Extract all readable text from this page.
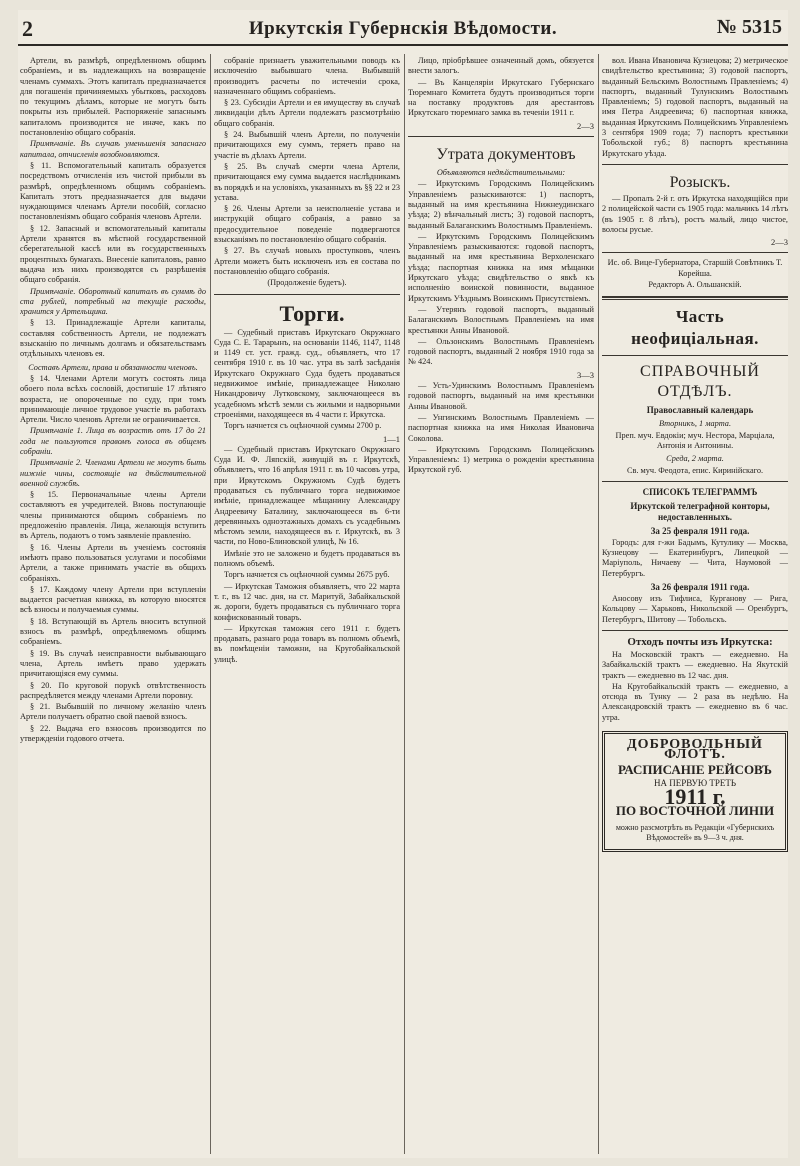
2	Иркутскія Губернскія Вѣдомости.	№ 5315

Артели, въ размѣрѣ, опредѣленномъ общимъ собраніемъ, и въ надлежащихъ на возвращеніе членамъ суммахъ. Этотъ капиталъ предназначается для погашенія причиняемыхъ убытковъ, расходовъ по текущимъ дѣламъ, которые не могутъ быть покрыты изъ прибылей. Распоряженіе запаснымъ капиталомъ производится не иначе, какъ по постановленію общаго собранія.

Примѣчаніе. Въ случаѣ уменьшенія запаснаго капитала, отчисленія возобновляются.

§ 11. Вспомогательный капиталъ образуется посредствомъ отчисленія изъ чистой прибыли въ размѣрѣ, опредѣленномъ общимъ собраніемъ. Капиталъ этотъ предназначается для выдачи нуждающимся членамъ Артели пособій, согласно постановленіямъ общаго собранія членовъ Артели.

§ 12. Запасный и вспомогательный капиталы Артели хранятся въ мѣстной государственной сберегательной кассѣ или въ государственныхъ процентныхъ бумагахъ. Внесеніе капиталовъ, равно выдача изъ нихъ производятся съ разрѣшенія общаго собранія.

Примѣчаніе. Оборотный капиталъ въ суммѣ до ста рублей, потребный на текущіе расходы, хранится у Артельщика.

§ 13. Принадлежащіе Артели капиталы, составляя собственность Артели, не подлежатъ взысканію по личнымъ долгамъ и обязательствамъ отдѣльныхъ членовъ ея.

Составъ Артели, права и обязанности членовъ.

§ 14. Членами Артели могутъ состоять лица обоего пола всѣхъ сословій, достигшіе 17 лѣтняго возраста, не опороченные по суду, при томъ принимающіе личное трудовое участіе въ работахъ Артели. Число членовъ Артели не ограничивается.

Примѣчаніе 1. Лица въ возрастѣ отъ 17 до 21 года не пользуются правомъ голоса въ общемъ собраніи.

Примѣчаніе 2. Членами Артели не могутъ быть нижніе чины, состоящіе на дѣйствительной военной службѣ.

§ 15. Первоначальные члены Артели составляютъ ея учредителей. Вновь поступающіе члены принимаются общимъ собраніемъ по предложенію правленія. Лица, желающія вступить въ Артель, подаютъ о томъ заявленіе правленію.

§ 16. Члены Артели въ ученіемъ состоянія имѣютъ право пользоваться услугами и пособіями Артели, а также принимать участіе въ общихъ собраніяхъ.

§ 17. Каждому члену Артели при вступленіи выдается расчетная книжка, въ которую вносятся всѣ взносы и получаемыя суммы.

§ 18. Вступающій въ Артель вноситъ вступной взносъ въ размѣрѣ, опредѣляемомъ общимъ собраніемъ.

§ 19. Въ случаѣ неисправности выбывающаго члена, Артель имѣетъ право удержать причитающіяся ему суммы.

§ 20. По круговой порукѣ отвѣтственность распредѣляется между членами Артели поровну.

§ 21. Выбывшій по личному желанію членъ Артели получаетъ обратно свой паевой взносъ.

§ 22. Выдача его взносовъ производится по утвержденіи годового отчета.

собраніе признаетъ уважительными поводъ къ исключенію выбывшаго члена. Выбывшій производитъ расчеты по истеченіи срока, назначеннаго общимъ собраніемъ.

§ 23. Субсидіи Артели и ея имуществу въ случаѣ ликвидаціи дѣлъ Артели подлежатъ разсмотрѣнію общаго собранія.

§ 24. Выбывшій членъ Артели, по полученіи причитающихся ему суммъ, теряетъ право на участіе въ дѣлахъ Артели.

§ 25. Въ случаѣ смерти члена Артели, причитающаяся ему сумма выдается наслѣдникамъ въ порядкѣ и на условіяхъ, указанныхъ въ §§ 22 и 23 устава.

§ 26. Члены Артели за неисполненіе устава и инструкцій общаго собранія, а равно за предосудительное поведеніе подвергаются взысканіямъ по постановленію общаго собранія.

§ 27. Въ случаѣ новыхъ проступковъ, членъ Артели можетъ быть исключенъ изъ ея состава по постановленію общаго собранія.

(Продолженіе будетъ).

Торги.

— Судебный приставъ Иркутскаго Окружнаго Суда С. Е. Тарарынъ, на основаніи 1146, 1147, 1148 и 1149 ст. уст. гражд. суд., объявляетъ, что 17 сентября 1910 г. въ 10 час. утра въ залѣ засѣданія Иркутскаго Окружнаго Суда будетъ продаваться недвижимое имѣніе, принадлежащее Николаю Никандровичу Лутковскому, заключающееся въ усадебномъ мѣстѣ земли съ жилыми и надворными строеніями, находящееся въ 4 части г. Иркутска.

Торгъ начнется съ оцѣночной суммы 2700 р.

1—1

— Судебный приставъ Иркутскаго Окружнаго Суда И. Ф. Ляпскій, живущій въ г. Иркутскѣ, объявляетъ, что 16 апрѣля 1911 г. въ 10 часовъ утра, при Иркутскомъ Окружномъ Судѣ будетъ продаваться съ публичнаго торга недвижимое имѣніе, принадлежащее мѣщанину Александру Андреевичу Баталину, заключающееся въ 6-ти деревянныхъ одноэтажныхъ домахъ съ усадебнымъ мѣстомъ земли, находящееся въ г. Иркутскѣ, въ 3 части, по Ново-Блиновской улицѣ, № 16.

Имѣніе это не заложено и будетъ продаваться въ полномъ объемѣ.

Торгъ начнется съ оцѣночной суммы 2675 руб.

— Иркутская Таможня объявляетъ, что 22 марта т. г., въ 12 час. дня, на ст. Маритуй, Забайкальской ж. дороги, будетъ продаваться съ публичнаго торга конфискованный товаръ.

— Иркутская таможня сего 1911 г. будетъ продавать, разнаго рода товаръ въ полномъ объемѣ, въ помѣщеніи таможни, на Кругобайкальской улицѣ.

Лицо, пріобрѣвшее означенный домъ, обязуется внести залогъ.

— Въ Канцеляріи Иркутскаго Губернскаго Тюремнаго Комитета будутъ производиться торги на поставку продуктовъ для арестантовъ Иркутскаго тюремнаго замка въ теченіи 1911 г.

2—3

Утрата документовъ

Объявляются недѣйствительными:

— Иркутскимъ Городскимъ Полицейскимъ Управленіемъ разыскиваются: 1) паспортъ, выданный на имя крестьянина Нижнеудинскаго уѣзда; 2) вѣнчальный листъ; 3) годовой паспортъ, выданный Балаганскимъ Волостнымъ Правленіемъ.

— Иркутскимъ Городскимъ Полицейскимъ Управленіемъ разыскиваются: годовой паспортъ, выданный на имя крестьянина Верхоленскаго уѣзда; паспортная книжка на имя мѣщанки Иркутскаго уѣзда; свидѣтельство о явкѣ къ исполненію воинской повинности, выданное Иркутскимъ Уѣзднымъ Воинскимъ Присутствіемъ.

— Утерянъ годовой паспортъ, выданный Балаганскимъ Волостнымъ Правленіемъ на имя крестьянки Анны Ивановой.

— Ользонскимъ Волостнымъ Правленіемъ годовой паспортъ, выданный 2 ноября 1910 года за № 424.

3—3

— Усть-Удинскимъ Волостнымъ Правленіемъ годовой паспортъ, выданный на имя крестьянки Анны Ивановой.

— Унгинскимъ Волостнымъ Правленіемъ — паспортная книжка на имя Николая Ивановича Соколова.

— Иркутскимъ Городскимъ Полицейскимъ Управленіемъ: 1) метрика о рожденіи крестьянина Иркутской губ.

вол. Ивана Ивановича Кузнецова; 2) метрическое свидѣтельство крестьянина; 3) годовой паспортъ, выданный Бельскимъ Волостнымъ Правленіемъ; 4) паспортъ, выданный Тулунскимъ Волостнымъ Правленіемъ; 5) годовой паспортъ, выданный на имя Петра Андреевича; 6) паспортная книжка, выданная Иркутскимъ Полицейскимъ Управленіемъ 3 сентября 1909 года; 7) паспортъ крестьянки Тобольской губ.; 8) паспортъ крестьянина Иркутскаго уѣзда.

Розыскъ.

— Пропалъ 2-й г. отъ Иркутска находящійся при 2 полицейской части съ 1905 года: мальчикъ 14 лѣтъ (въ 1905 г. 8 лѣтъ), ростъ малый, лицо чистое, волосы русые.

2—3

Ис. об. Вице-Губернатора, Старшій Совѣтникъ Т. Корейша.

Редакторъ А. Ольшанскій.

Часть неофиціальная.

СПРАВОЧНЫЙ ОТДѢЛЪ.

Православный календарь

Вторникъ, 1 марта.

Преп. муч. Евдокіи; муч. Нестора, Марціала, Антонія и Антонины.

Среда, 2 марта.

Св. муч. Феодота, епис. Киринійскаго.

СПИСОКЪ ТЕЛЕГРАММЪ

Иркутской телеграфной конторы, недоставленныхъ.

За 25 февраля 1911 года.

Городъ: для г-жи Бадымъ, Кутулику — Москва, Кузнецову — Екатеринбургъ, Липецкой — Маріуполь, Ничаеву — Чита, Наумовой — Петербургъ.

За 26 февраля 1911 года.

Аносову изъ Тифлиса, Курганову — Рига, Кольцову — Харьковъ, Никольской — Оренбургъ, Петербургъ, Шитову — Тобольскъ.

Отходъ почты изъ Иркутска:

На Московскій трактъ — ежедневно. На Забайкальскій трактъ — ежедневно. На Якутскій трактъ — ежедневно въ 12 час. дня.

На Кругобайкальскій трактъ — ежедневно, а отсюда въ Тунку — 2 раза въ недѣлю. На Александровскій трактъ — ежедневно въ 6 час. утра.

ДОБРОВОЛЬНЫЙ ФЛОТЪ.
РАСПИСАНІЕ РЕЙСОВЪ
НА ПЕРВУЮ ТРЕТЬ
1911 г.
ПО ВОСТОЧНОЙ ЛИНІИ
можно разсмотрѣть въ Редакціи «Губернскихъ Вѣдомостей» въ 9—3 ч. дня.
